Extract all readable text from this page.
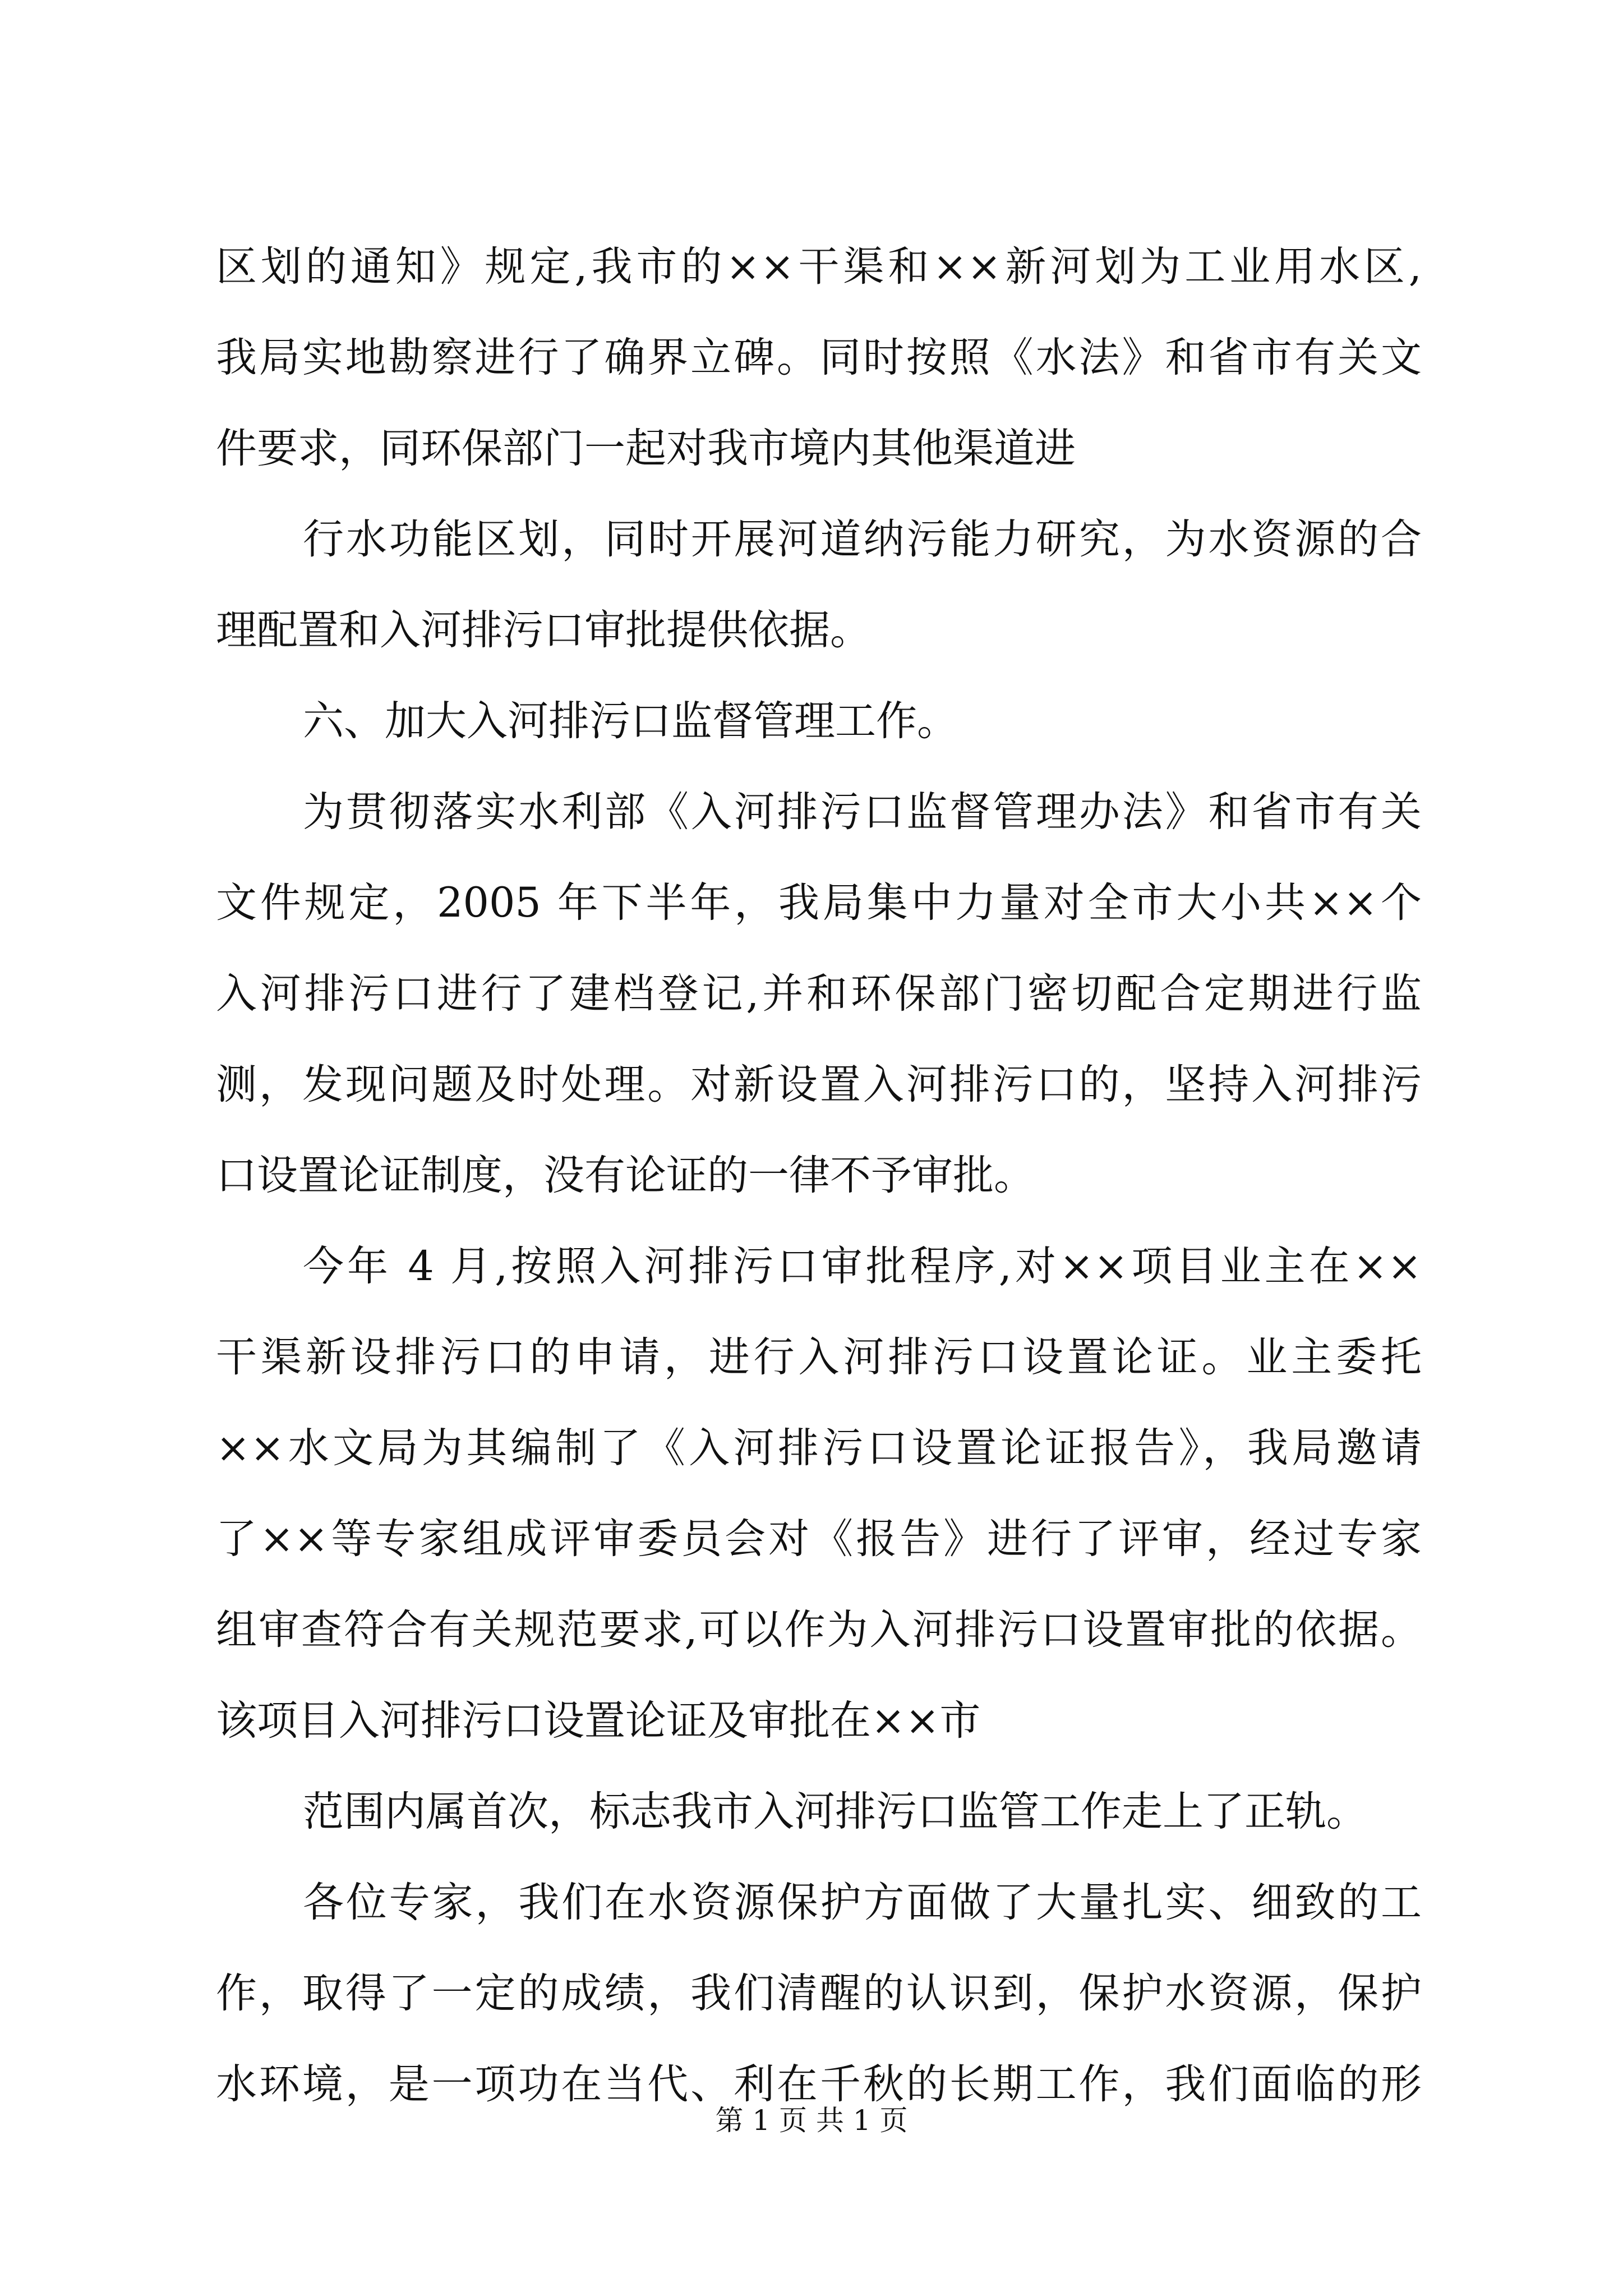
区划的通知》规定,我市的××干渠和××新河划为工业用水区,
我局实地勘察进行了确界立碑。同时按照《水法》和省市有关文
件要求，同环保部门一起对我市境内其他渠道进
行水功能区划，同时开展河道纳污能力研究，为水资源的合
理配置和入河排污口审批提供依据。
六、加大入河排污口监督管理工作。
为贯彻落实水利部《入河排污口监督管理办法》和省市有关
文件规定，2005 年下半年，我局集中力量对全市大小共××个
入河排污口进行了建档登记,并和环保部门密切配合定期进行监
测，发现问题及时处理。对新设置入河排污口的，坚持入河排污
口设置论证制度，没有论证的一律不予审批。
今年 4 月,按照入河排污口审批程序,对××项目业主在××
干渠新设排污口的申请，进行入河排污口设置论证。业主委托
××水文局为其编制了《入河排污口设置论证报告》，我局邀请
了××等专家组成评审委员会对《报告》进行了评审，经过专家
组审查符合有关规范要求,可以作为入河排污口设置审批的依据。
该项目入河排污口设置论证及审批在××市
范围内属首次，标志我市入河排污口监管工作走上了正轨。
各位专家，我们在水资源保护方面做了大量扎实、细致的工
作，取得了一定的成绩，我们清醒的认识到，保护水资源，保护
水环境，是一项功在当代、利在千秋的长期工作，我们面临的形
第 1 页 共 1 页
